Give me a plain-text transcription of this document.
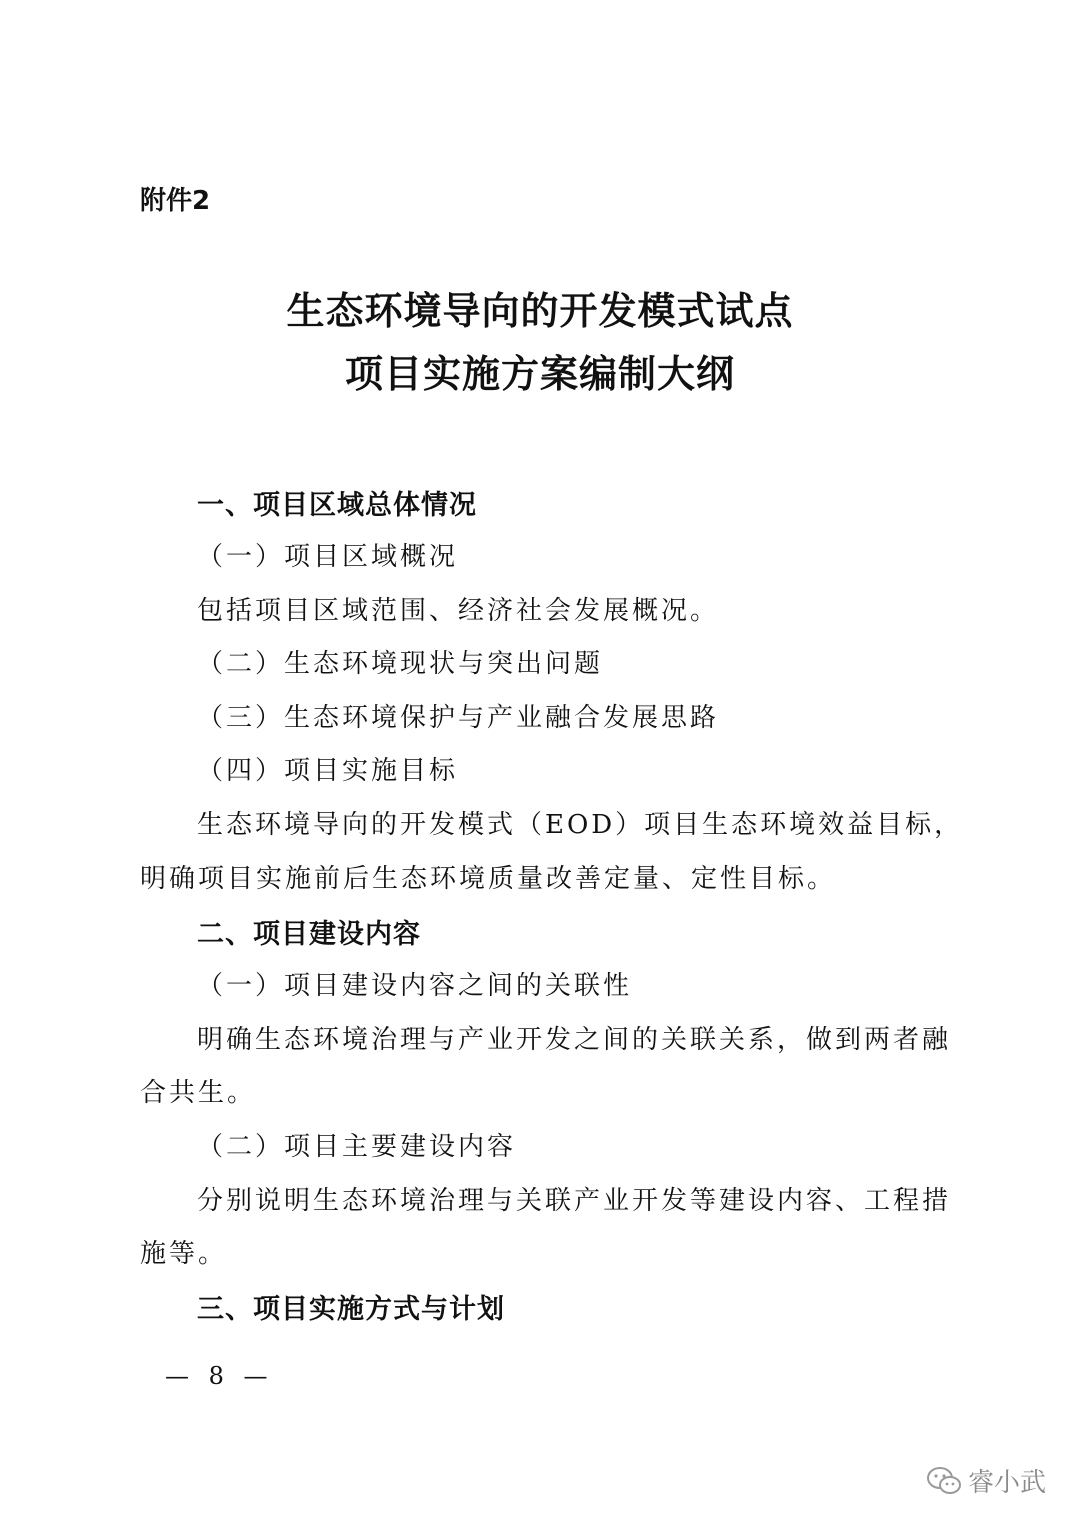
附件2
生态环境导向的开发模式试点
项目实施方案编制大纲
一、项目区域总体情况
（一）项目区域概况
包括项目区域范围、经济社会发展概况。
（二）生态环境现状与突出问题
（三）生态环境保护与产业融合发展思路
（四）项目实施目标
生态环境导向的开发模式（EOD）项目生态环境效益目标，
明确项目实施前后生态环境质量改善定量、定性目标。
二、项目建设内容
（一）项目建设内容之间的关联性
明确生态环境治理与产业开发之间的关联关系，做到两者融
合共生。
（二）项目主要建设内容
分别说明生态环境治理与关联产业开发等建设内容、工程措
施等。
三、项目实施方式与计划
— 8 —
睿小武
